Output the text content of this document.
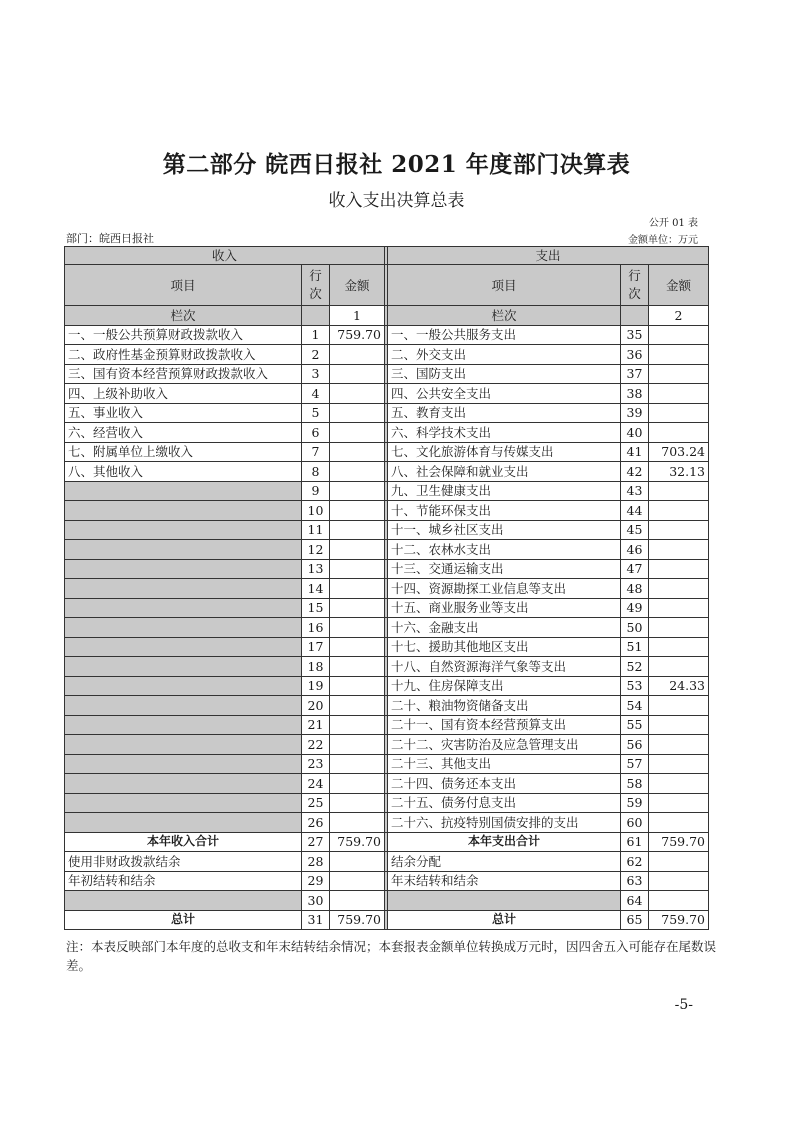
第二部分 皖西日报社 2021 年度部门决算表
收入支出决算总表
公开 01 表
部门：皖西日报社	金额单位：万元
收入				支出		
项目	行次	金额		项目	行次	金额
栏次		1		栏次		2
一、一般公共预算财政拨款收入	1	759.70		一、一般公共服务支出	35	
二、政府性基金预算财政拨款收入	2			二、外交支出	36	
三、国有资本经营预算财政拨款收入	3			三、国防支出	37	
四、上级补助收入	4			四、公共安全支出	38	
五、事业收入	5			五、教育支出	39	
六、经营收入	6			六、科学技术支出	40	
七、附属单位上缴收入	7			七、文化旅游体育与传媒支出	41	703.24
八、其他收入	8			八、社会保障和就业支出	42	32.13
	9			九、卫生健康支出	43	
	10			十、节能环保支出	44	
	11			十一、城乡社区支出	45	
	12			十二、农林水支出	46	
	13			十三、交通运输支出	47	
	14			十四、资源勘探工业信息等支出	48	
	15			十五、商业服务业等支出	49	
	16			十六、金融支出	50	
	17			十七、援助其他地区支出	51	
	18			十八、自然资源海洋气象等支出	52	
	19			十九、住房保障支出	53	24.33
	20			二十、粮油物资储备支出	54	
	21			二十一、国有资本经营预算支出	55	
	22			二十二、灾害防治及应急管理支出	56	
	23			二十三、其他支出	57	
	24			二十四、债务还本支出	58	
	25			二十五、债务付息支出	59	
	26			二十六、抗疫特别国债安排的支出	60	
本年收入合计	27	759.70		本年支出合计	61	759.70
使用非财政拨款结余	28			结余分配	62	
年初结转和结余	29			年末结转和结余	63	
	30				64	
总计	31	759.70		总计	65	759.70
注：本表反映部门本年度的总收支和年末结转结余情况；本套报表金额单位转换成万元时，因四舍五入可能存在尾数误差。
-5-
